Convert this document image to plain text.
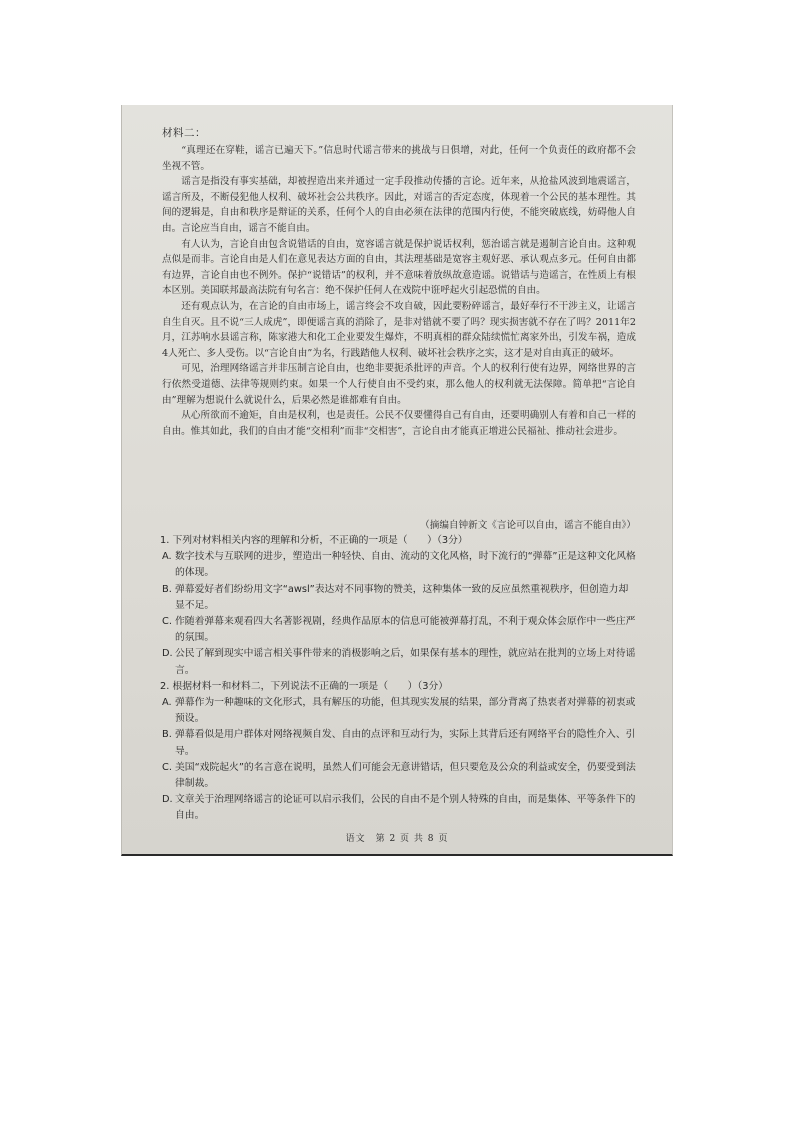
材料二：

“真理还在穿鞋，谣言已遍天下。”信息时代谣言带来的挑战与日俱增，对此，任何一个负责任的政府都不会坐视不管。

谣言是指没有事实基础，却被捏造出来并通过一定手段推动传播的言论。近年来，从抢盐风波到地震谣言，谣言所及，不断侵犯他人权利、破坏社会公共秩序。因此，对谣言的否定态度，体现着一个公民的基本理性。其间的逻辑是，自由和秩序是辩证的关系，任何个人的自由必须在法律的范围内行使，不能突破底线，妨碍他人自由。言论应当自由，谣言不能自由。

有人认为，言论自由包含说错话的自由，宽容谣言就是保护说话权利，惩治谣言就是遏制言论自由。这种观点似是而非。言论自由是人们在意见表达方面的自由，其法理基础是宽容主观好恶、承认观点多元。任何自由都有边界，言论自由也不例外。保护“说错话”的权利，并不意味着放纵故意造谣。说错话与造谣言，在性质上有根本区别。美国联邦最高法院有句名言：绝不保护任何人在戏院中诳呼起火引起恐慌的自由。

还有观点认为，在言论的自由市场上，谣言终会不攻自破，因此要粉碎谣言，最好奉行不干涉主义，让谣言自生自灭。且不说“三人成虎”，即便谣言真的消除了，是非对错就不要了吗？现实损害就不存在了吗？2011年2月，江苏响水县谣言称，陈家港大和化工企业要发生爆炸，不明真相的群众陆续慌忙离家外出，引发车祸，造成4人死亡、多人受伤。以“言论自由”为名，行践踏他人权利、破坏社会秩序之实，这才是对自由真正的破坏。

可见，治理网络谣言并非压制言论自由，也绝非要扼杀批评的声音。个人的权利行使有边界，网络世界的言行依然受道德、法律等规则约束。如果一个人行使自由不受约束，那么他人的权利就无法保障。简单把“言论自由”理解为想说什么就说什么，后果必然是谁都难有自由。

从心所欲而不逾矩，自由是权利，也是责任。公民不仅要懂得自己有自由，还要明确别人有着和自己一样的自由。惟其如此，我们的自由才能“交相利”而非“交相害”，言论自由才能真正增进公民福祉、推动社会进步。

（摘编自钟新文《言论可以自由，谣言不能自由》）

1. 下列对材料相关内容的理解和分析，不正确的一项是（　　）（3分）

A. 数字技术与互联网的进步，塑造出一种轻快、自由、流动的文化风格，时下流行的“弹幕”正是这种文化风格的体现。
B. 弹幕爱好者们纷纷用文字“awsl”表达对不同事物的赞美，这种集体一致的反应虽然重视秩序，但创造力却显不足。
C. 作随着弹幕来观看四大名著影视剧，经典作品原本的信息可能被弹幕打乱，不利于观众体会原作中一些庄严的氛围。
D. 公民了解到现实中谣言相关事件带来的消极影响之后，如果保有基本的理性，就应站在批判的立场上对待谣言。

2. 根据材料一和材料二，下列说法不正确的一项是（　　）（3分）

A. 弹幕作为一种趣味的文化形式，具有解压的功能，但其现实发展的结果，部分背离了热衷者对弹幕的初衷或预设。
B. 弹幕看似是用户群体对网络视频自发、自由的点评和互动行为，实际上其背后还有网络平台的隐性介入、引导。
C. 美国“戏院起火”的名言意在说明，虽然人们可能会无意讲错话，但只要危及公众的利益或安全，仍要受到法律制裁。
D. 文章关于治理网络谣言的论证可以启示我们，公民的自由不是个别人特殊的自由，而是集体、平等条件下的自由。
语文　第 2 页 共 8 页
